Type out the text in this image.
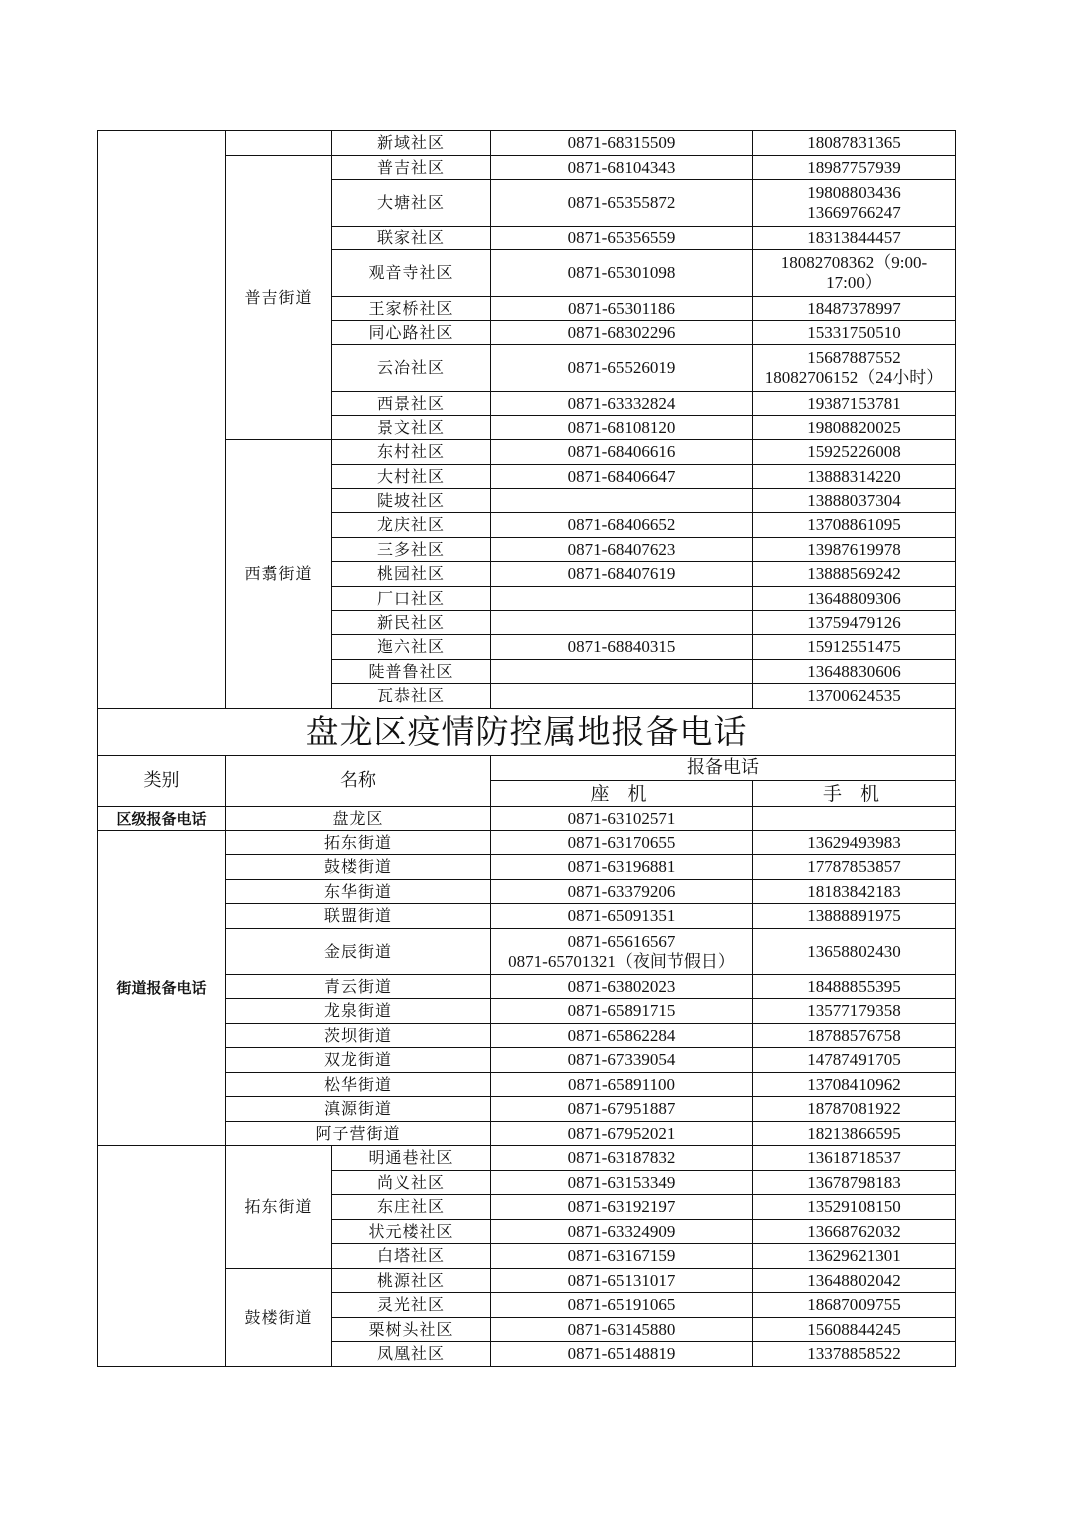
		新域社区	0871-68315509	18087831365
	普吉街道	普吉社区	0871-68104343	18987757939
		大塘社区	0871-65355872	19808803436
13669766247

		联家社区	0871-65356559	18313844457
		观音寺社区	0871-65301098	18082708362（9:00-
17:00）

		王家桥社区	0871-65301186	18487378997
		同心路社区	0871-68302296	15331750510
		云冶社区	0871-65526019	15687887552
18082706152（24小时）

		西景社区	0871-63332824	19387153781
		景文社区	0871-68108120	19808820025
	西翥街道	东村社区	0871-68406616	15925226008
		大村社区	0871-68406647	13888314220
		陡坡社区		13888037304
		龙庆社区	0871-68406652	13708861095
		三多社区	0871-68407623	13987619978
		桃园社区	0871-68407619	13888569242
		厂口社区		13648809306
		新民社区		13759479126
		迤六社区	0871-68840315	15912551475
		陡普鲁社区		13648830606
		瓦恭社区		13700624535
盘龙区疫情防控属地报备电话				
类别	名称		报备电话	
			座 机	手 机
区级报备电话	盘龙区		0871-63102571	
街道报备电话	拓东街道		0871-63170655	13629493983
	鼓楼街道		0871-63196881	17787853857
	东华街道		0871-63379206	18183842183
	联盟街道		0871-65091351	13888891975
	金辰街道		0871-65616567
0871-65701321（夜间节假日）	13658802430
	青云街道		0871-63802023	18488855395
	龙泉街道		0871-65891715	13577179358
	茨坝街道		0871-65862284	18788576758
	双龙街道		0871-67339054	14787491705
	松华街道		0871-65891100	13708410962
	滇源街道		0871-67951887	18787081922
	阿子营街道		0871-67952021	18213866595
	拓东街道	明通巷社区	0871-63187832	13618718537
		尚义社区	0871-63153349	13678798183
		东庄社区	0871-63192197	13529108150
		状元楼社区	0871-63324909	13668762032
		白塔社区	0871-63167159	13629621301
	鼓楼街道	桃源社区	0871-65131017	13648802042
		灵光社区	0871-65191065	18687009755
		栗树头社区	0871-63145880	15608844245
		凤凰社区	0871-65148819	13378858522
